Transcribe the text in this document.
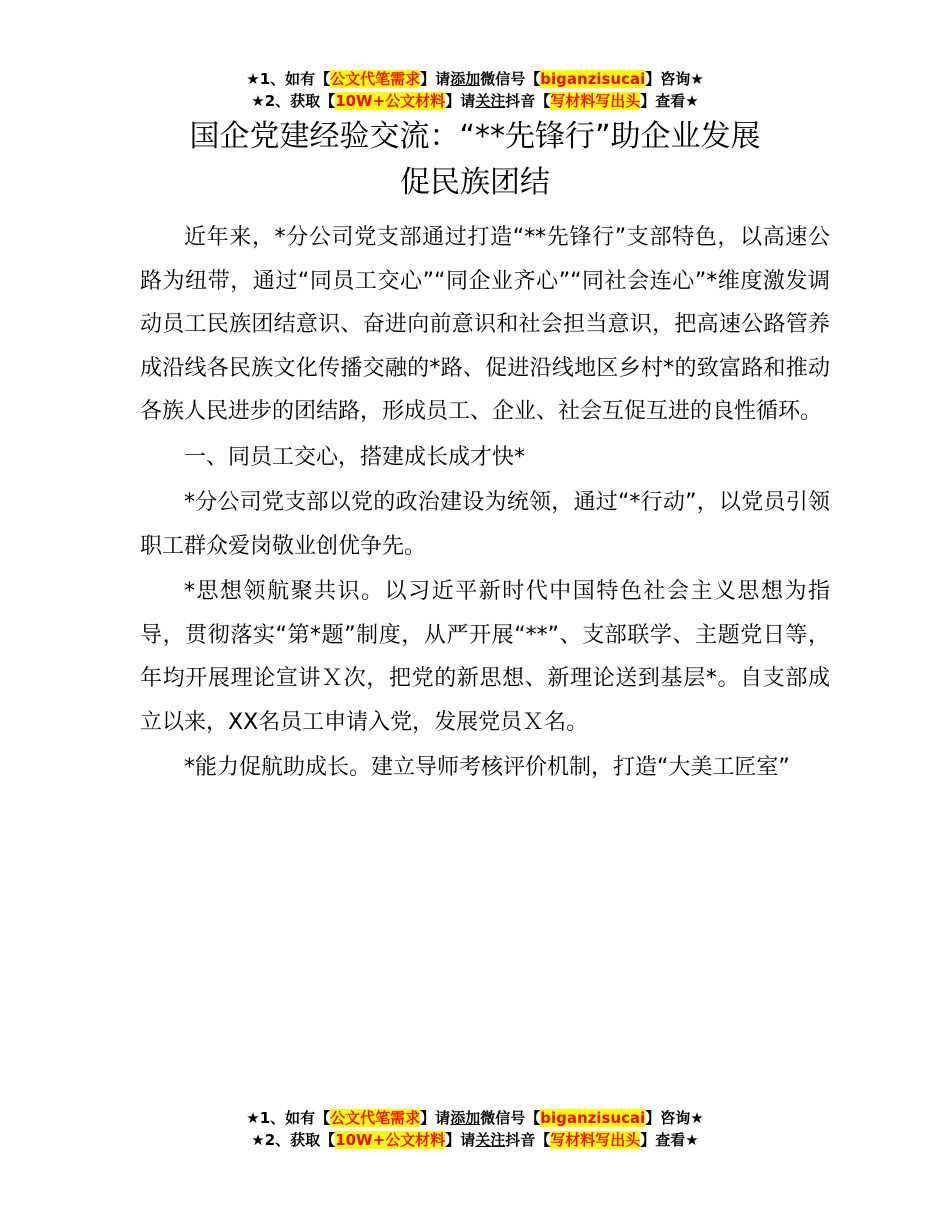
★1、如有【公文代笔需求】请添加微信号【biganzisucai】咨询★
★2、获取【10W+公文材料】请关注抖音【写材料写出头】查看★
国企党建经验交流：“**先锋行”助企业发展
促民族团结

近年来，*分公司党支部通过打造“**先锋行”支部特色，以高速公路为纽带，通过“同员工交心”“同企业齐心”“同社会连心”*维度激发调动员工民族团结意识、奋进向前意识和社会担当意识，把高速公路管养成沿线各民族文化传播交融的*路、促进沿线地区乡村*的致富路和推动各族人民进步的团结路，形成员工、企业、社会互促互进的良性循环。

一、同员工交心，搭建成长成才快*

*分公司党支部以党的政治建设为统领，通过“*行动”，以党员引领职工群众爱岗敬业创优争先。

*思想领航聚共识。以习近平新时代中国特色社会主义思想为指导，贯彻落实“第*题”制度，从严开展“**”、支部联学、主题党日等，年均开展理论宣讲Ｘ次，把党的新思想、新理论送到基层*。自支部成立以来，XX名员工申请入党，发展党员Ｘ名。

*能力促航助成长。建立导师考核评价机制，打造“大美工匠室”

★1、如有【公文代笔需求】请添加微信号【biganzisucai】咨询★
★2、获取【10W+公文材料】请关注抖音【写材料写出头】查看★
